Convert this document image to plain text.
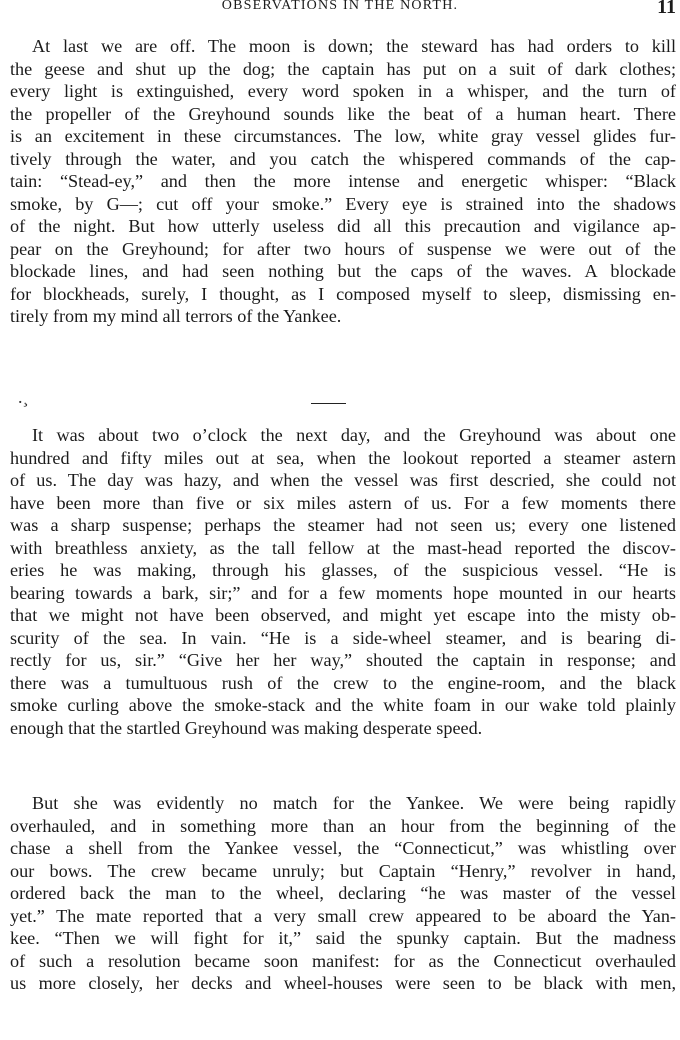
OBSERVATIONS IN THE NORTH.	11
At last we are off. The moon is down; the steward has had orders to kill
the geese and shut up the dog; the captain has put on a suit of dark clothes;
every light is extinguished, every word spoken in a whisper, and the turn of
the propeller of the Greyhound sounds like the beat of a human heart. There
is an excitement in these circumstances. The low, white gray vessel glides fur-
tively through the water, and you catch the whispered commands of the cap-
tain: “Stead-ey,” and then the more intense and energetic whisper: “Black
smoke, by G—; cut off your smoke.” Every eye is strained into the shadows
of the night. But how utterly useless did all this precaution and vigilance ap-
pear on the Greyhound; for after two hours of suspense we were out of the
blockade lines, and had seen nothing but the caps of the waves. A blockade
for blockheads, surely, I thought, as I composed myself to sleep, dismissing en-
tirely from my mind all terrors of the Yankee.
.¸
It was about two o’clock the next day, and the Greyhound was about one
hundred and fifty miles out at sea, when the lookout reported a steamer astern
of us. The day was hazy, and when the vessel was first descried, she could not
have been more than five or six miles astern of us. For a few moments there
was a sharp suspense; perhaps the steamer had not seen us; every one listened
with breathless anxiety, as the tall fellow at the mast-head reported the discov-
eries he was making, through his glasses, of the suspicious vessel. “He is
bearing towards a bark, sir;” and for a few moments hope mounted in our hearts
that we might not have been observed, and might yet escape into the misty ob-
scurity of the sea. In vain. “He is a side-wheel steamer, and is bearing di-
rectly for us, sir.” “Give her her way,” shouted the captain in response; and
there was a tumultuous rush of the crew to the engine-room, and the black
smoke curling above the smoke-stack and the white foam in our wake told plainly
enough that the startled Greyhound was making desperate speed.
But she was evidently no match for the Yankee. We were being rapidly
overhauled, and in something more than an hour from the beginning of the
chase a shell from the Yankee vessel, the “Connecticut,” was whistling over
our bows. The crew became unruly; but Captain “Henry,” revolver in hand,
ordered back the man to the wheel, declaring “he was master of the vessel
yet.” The mate reported that a very small crew appeared to be aboard the Yan-
kee. “Then we will fight for it,” said the spunky captain. But the madness
of such a resolution became soon manifest: for as the Connecticut overhauled
us more closely, her decks and wheel-houses were seen to be black with men,
